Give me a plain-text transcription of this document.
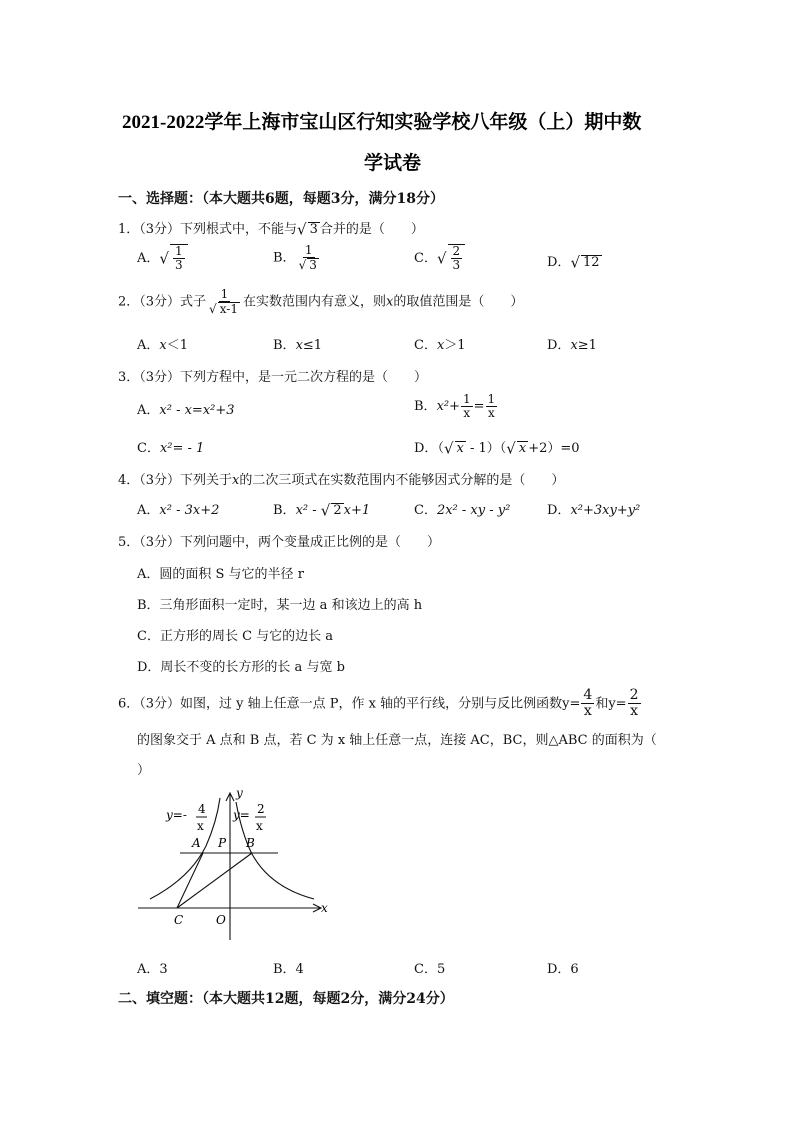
2021-2022学年上海市宝山区行知实验学校八年级（上）期中数
学试卷
一、选择题：（本大题共6题，每题3分，满分18分）
1．（3分）下列根式中，不能与√ 3 合并的是（　　）
A．√ $\frac{1}{3}$	B． $\frac{1}{√ 3}$	C．√ $\frac{2}{3}$	D．√ 12
2．（3分）式子 $\frac{1}{√ x-1}$ 在实数范围内有意义，则x的取值范围是（　　）
A．x＜1	B．x≤1	C．x＞1	D．x≥1
3．（3分）下列方程中，是一元二次方程的是（　　）
A．x² - x=x²+3	B．$x^2+ \frac{1}{x} = \frac{1}{x}$
C．x²= - 1	D．（√ x - 1）（√ x +2）=0
4．（3分）下列关于x的二次三项式在实数范围内不能够因式分解的是（　　）
A．x² - 3x+2	B．x² - √ 2 x+1	C．2x² - xy - y²	D．x²+3xy+y²
5．（3分）下列问题中，两个变量成正比例的是（　　）
A．圆的面积 S 与它的半径 r
B．三角形面积一定时，某一边 a 和该边上的高 h
C．正方形的周长 C 与它的边长 a
D．周长不变的长方形的长 a 与宽 b
6．（3分）如图，过 y 轴上任意一点 P，作 x 轴的平行线，分别与反比例函数$y= \frac{4}{x}$ 和$y= \frac{2}{x}$
的图象交于 A 点和 B 点，若 C 为 x 轴上任意一点，连接 AC，BC，则△ABC 的面积为（
）
y=- 4
x
y= 2
x
y
x
A P B
C	O
A．3	B．4	C．5	D．6
二、填空题：（本大题共12题，每题2分，满分24分）
